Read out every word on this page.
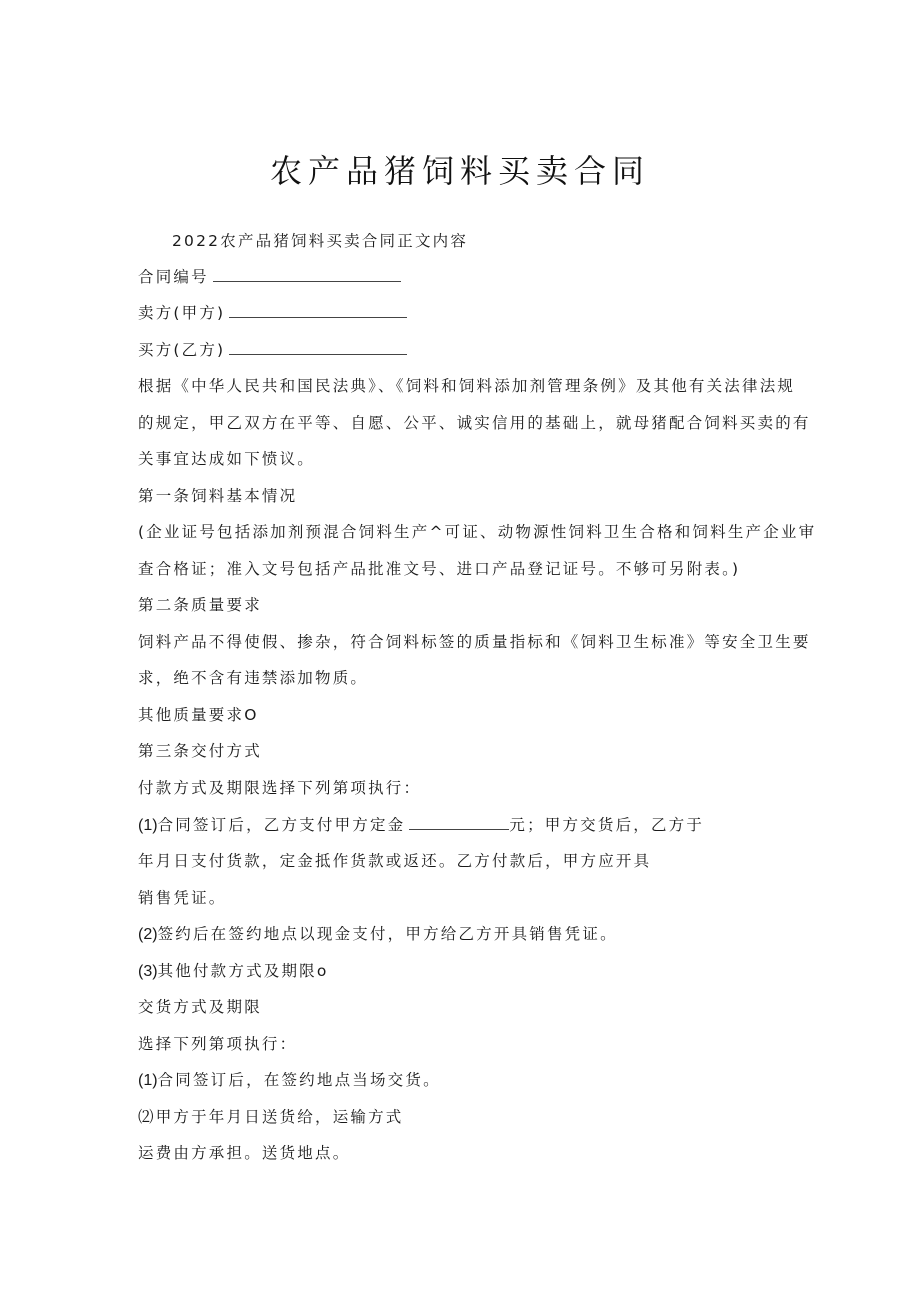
农产品猪饲料买卖合同
2022农产品猪饲料买卖合同正文内容
合同编号
卖方(甲方)
买方(乙方)
根据《中华人民共和国民法典》、《饲料和饲料添加剂管理条例》及其他有关法律法规
的规定，甲乙双方在平等、自愿、公平、诚实信用的基础上，就母猪配合饲料买卖的有
关事宜达成如下愤议。
第一条饲料基本情况
(企业证号包括添加剂预混合饲料生产^可证、动物源性饲料卫生合格和饲料生产企业审
查合格证；准入文号包括产品批准文号、进口产品登记证号。不够可另附表。)
第二条质量要求
饲料产品不得使假、掺杂，符合饲料标签的质量指标和《饲料卫生标准》等安全卫生要
求，绝不含有违禁添加物质。
其他质量要求O
第三条交付方式
付款方式及期限选择下列第项执行：
(1)合同签订后，乙方支付甲方定金	元；甲方交货后，乙方于
年月日支付货款，定金抵作货款或返还。乙方付款后，甲方应开具
销售凭证。
(2)签约后在签约地点以现金支付，甲方给乙方开具销售凭证。
(3)其他付款方式及期限o
交货方式及期限
选择下列第项执行：
(1)合同签订后，在签约地点当场交货。
⑵甲方于年月日送货给，运输方式
运费由方承担。送货地点。
